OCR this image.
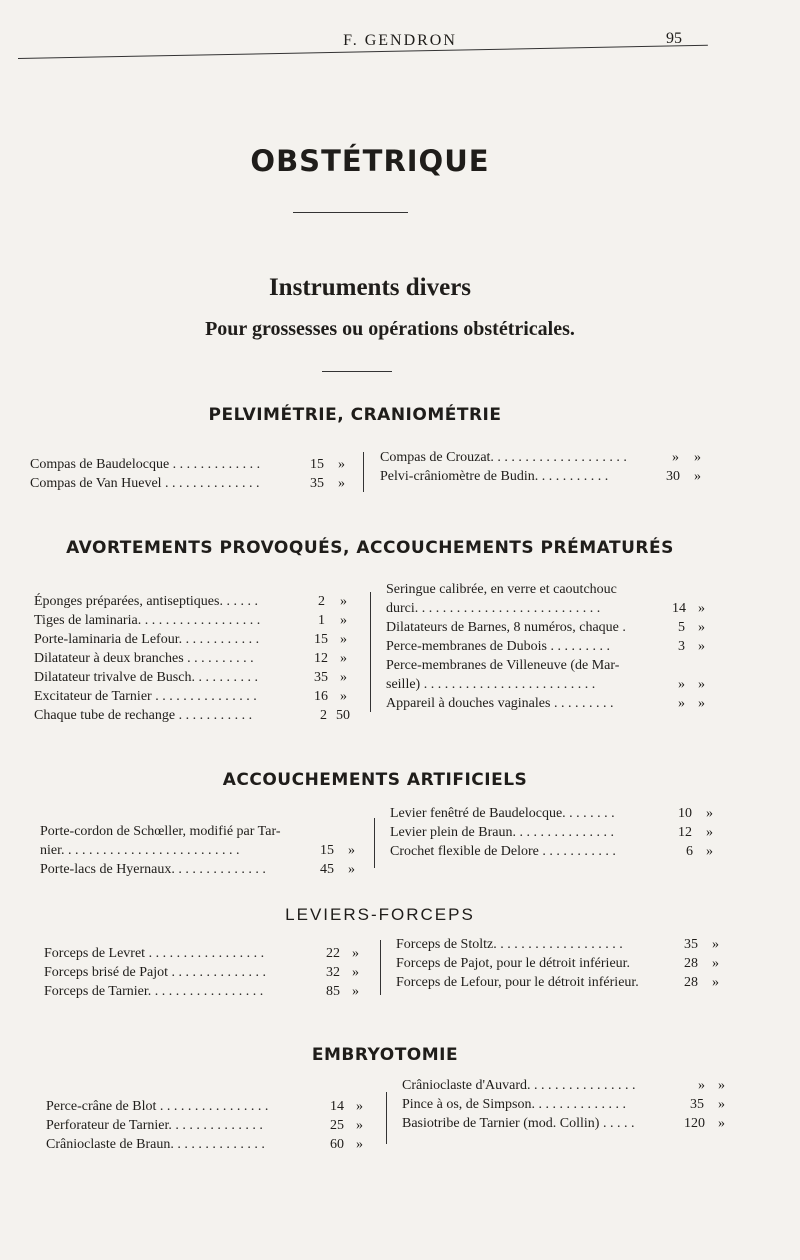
F. GENDRON	95
OBSTÉTRIQUE
Instruments divers
Pour grossesses ou opérations obstétricales.
PELVIMÉTRIE, CRANIOMÉTRIE
Compas de Baudelocque . . . . . . . . . . . . .	15 »
Compas de Van Huevel . . . . . . . . . . . . . .	35 »
Compas de Crouzat. . . . . . . . . . . . . . . . . . . .	» »
Pelvi-crâniomètre de Budin. . . . . . . . . . .	30 »
AVORTEMENTS PROVOQUÉS, ACCOUCHEMENTS PRÉMATURÉS
Éponges préparées, antiseptiques. . . . . .	2 »
Tiges de laminaria. . . . . . . . . . . . . . . . . .	1 »
Porte-laminaria de Lefour. . . . . . . . . . . .	15 »
Dilatateur à deux branches . . . . . . . . . .	12 »
Dilatateur trivalve de Busch. . . . . . . . . .	35 »
Excitateur de Tarnier . . . . . . . . . . . . . . .	16 »
Chaque tube de rechange . . . . . . . . . . .	2 50
Seringue calibrée, en verre et caoutchouc
durci. . . . . . . . . . . . . . . . . . . . . . . . . . .	14 »
Dilatateurs de Barnes, 8 numéros, chaque .	5 »
Perce-membranes de Dubois . . . . . . . . .	3 »
Perce-membranes de Villeneuve (de Mar-
seille) . . . . . . . . . . . . . . . . . . . . . . . . .	» »
Appareil à douches vaginales . . . . . . . . .	» »
ACCOUCHEMENTS ARTIFICIELS
Porte-cordon de Schœller, modifié par Tar-
nier. . . . . . . . . . . . . . . . . . . . . . . . . .	15 »
Porte-lacs de Hyernaux. . . . . . . . . . . . . .	45 »
Levier fenêtré de Baudelocque. . . . . . . .	10 »
Levier plein de Braun. . . . . . . . . . . . . . .	12 »
Crochet flexible de Delore . . . . . . . . . . .	6 »
LEVIERS-FORCEPS
Forceps de Levret . . . . . . . . . . . . . . . . .	22 »
Forceps brisé de Pajot . . . . . . . . . . . . . .	32 »
Forceps de Tarnier. . . . . . . . . . . . . . . . .	85 »
Forceps de Stoltz. . . . . . . . . . . . . . . . . . .	35 »
Forceps de Pajot, pour le détroit inférieur.	28 »
Forceps de Lefour, pour le détroit inférieur.	28 »
EMBRYOTOMIE
Perce-crâne de Blot . . . . . . . . . . . . . . . .	14 »
Perforateur de Tarnier. . . . . . . . . . . . . .	25 »
Crânioclaste de Braun. . . . . . . . . . . . . .	60 »
Crânioclaste d'Auvard. . . . . . . . . . . . . . . .	» »
Pince à os, de Simpson. . . . . . . . . . . . . .	35 »
Basiotribe de Tarnier (mod. Collin) . . . . .	120 »
